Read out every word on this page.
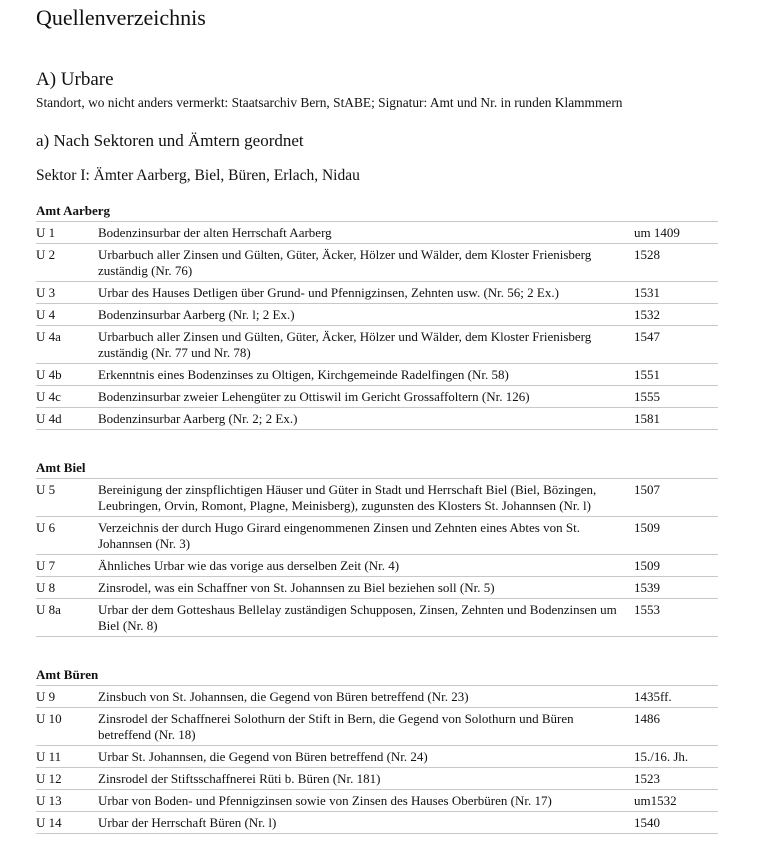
Quellenverzeichnis
A) Urbare
Standort, wo nicht anders vermerkt: Staatsarchiv Bern, StABE; Signatur: Amt und Nr. in runden Klammmern
a) Nach Sektoren und Ämtern geordnet
Sektor I: Ämter Aarberg, Biel, Büren, Erlach, Nidau
Amt Aarberg
U 1	Bodenzinsurbar der alten Herrschaft Aarberg	um 1409
U 2	Urbarbuch aller Zinsen und Gülten, Güter, Äcker, Hölzer und Wälder, dem Kloster Frienisberg zuständig (Nr. 76)	1528
U 3	Urbar des Hauses Detligen über Grund- und Pfennigzinsen, Zehnten usw. (Nr. 56; 2 Ex.)	1531
U 4	Bodenzinsurbar Aarberg (Nr. l; 2 Ex.)	1532
U 4a	Urbarbuch aller Zinsen und Gülten, Güter, Äcker, Hölzer und Wälder, dem Kloster Frienisberg zuständig (Nr. 77 und Nr. 78)	1547
U 4b	Erkenntnis eines Bodenzinses zu Oltigen, Kirchgemeinde Radelfingen (Nr. 58)	1551
U 4c	Bodenzinsurbar zweier Lehengüter zu Ottiswil im Gericht Grossaffoltern (Nr. 126)	1555
U 4d	Bodenzinsurbar Aarberg (Nr. 2; 2 Ex.)	1581
Amt Biel
U 5	Bereinigung der zinspflichtigen Häuser und Güter in Stadt und Herrschaft Biel (Biel, Bözingen, Leubringen, Orvin, Romont, Plagne, Meinisberg), zugunsten des Klosters St. Johannsen (Nr. l)	1507
U 6	Verzeichnis der durch Hugo Girard eingenommenen Zinsen und Zehnten eines Abtes von St. Johannsen (Nr. 3)	1509
U 7	Ähnliches Urbar wie das vorige aus derselben Zeit (Nr. 4)	1509
U 8	Zinsrodel, was ein Schaffner von St. Johannsen zu Biel beziehen soll (Nr. 5)	1539
U 8a	Urbar der dem Gotteshaus Bellelay zuständigen Schupposen, Zinsen, Zehnten und Bodenzinsen um Biel (Nr. 8)	1553
Amt Büren
U 9	Zinsbuch von St. Johannsen, die Gegend von Büren betreffend (Nr. 23)	1435ff.
U 10	Zinsrodel der Schaffnerei Solothurn der Stift in Bern, die Gegend von Solothurn und Büren betreffend (Nr. 18)	1486
U 11	Urbar St. Johannsen, die Gegend von Büren betreffend (Nr. 24)	15./16. Jh.
U 12	Zinsrodel der Stiftsschaffnerei Rüti b. Büren (Nr. 181)	1523
U 13	Urbar von Boden- und Pfennigzinsen sowie von Zinsen des Hauses Oberbüren (Nr. 17)	um1532
U 14	Urbar der Herrschaft Büren (Nr. l)	1540
